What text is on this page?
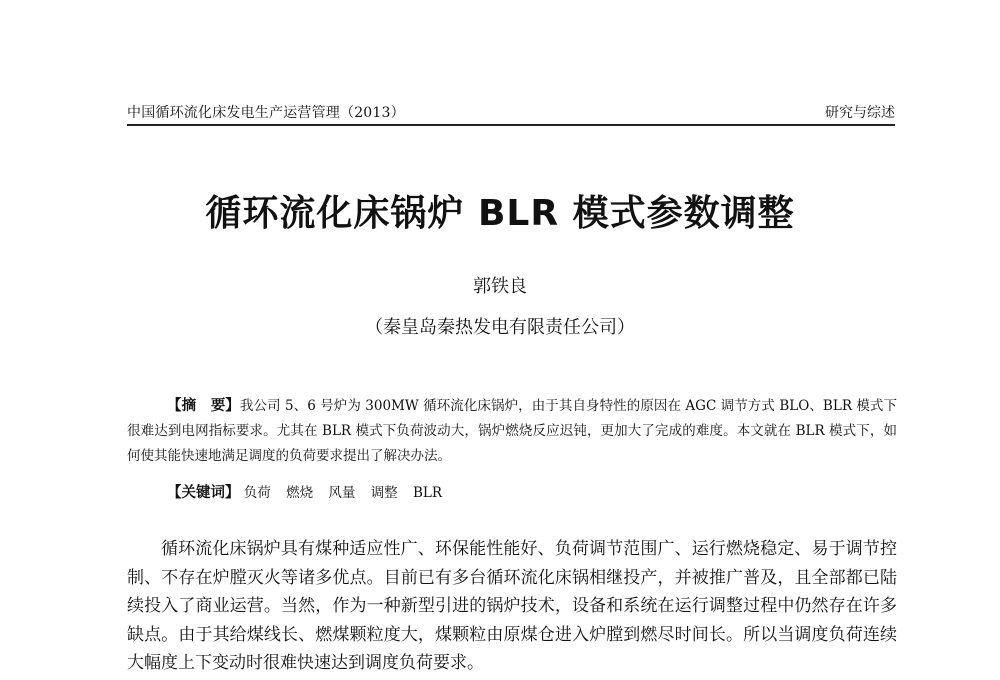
中国循环流化床发电生产运营管理（2013）	研究与综述
循环流化床锅炉 BLR 模式参数调整
郭铁良
（秦皇岛秦热发电有限责任公司）
【摘　要】我公司 5、6 号炉为 300MW 循环流化床锅炉，由于其自身特性的原因在 AGC 调节方式 BLO、BLR 模式下很难达到电网指标要求。尤其在 BLR 模式下负荷波动大，锅炉燃烧反应迟钝，更加大了完成的难度。本文就在 BLR 模式下，如何使其能快速地满足调度的负荷要求提出了解决办法。
【关键词】 负荷 燃烧 风量 调整 BLR
循环流化床锅炉具有煤种适应性广、环保能性能好、负荷调节范围广、运行燃烧稳定、易于调节控制、不存在炉膛灭火等诸多优点。目前已有多台循环流化床锅相继投产，并被推广普及，且全部都已陆续投入了商业运营。当然，作为一种新型引进的锅炉技术，设备和系统在运行调整过程中仍然存在许多缺点。由于其给煤线长、燃煤颗粒度大，煤颗粒由原煤仓进入炉膛到燃尽时间长。所以当调度负荷连续大幅度上下变动时很难快速达到调度负荷要求。
